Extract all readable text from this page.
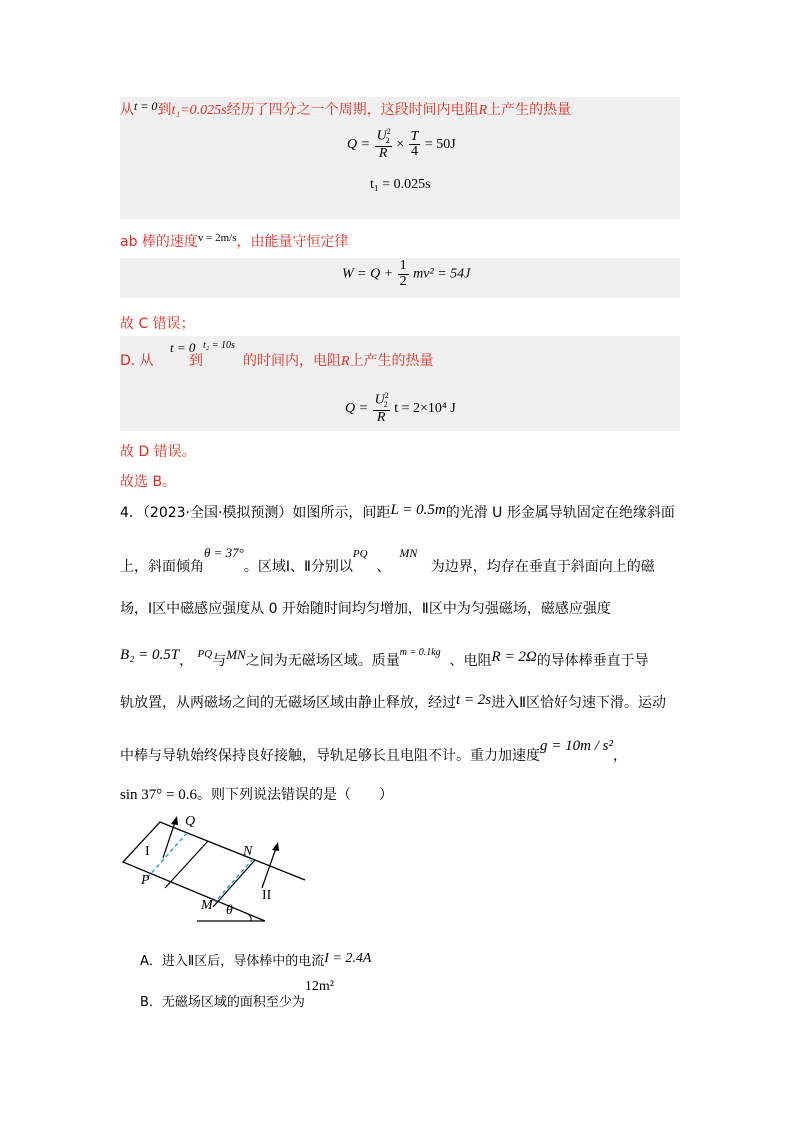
从t = 0到t₁=0.025s经历了四分之一个周期，这段时间内电阻R上产生的热量
$Q = \frac{U^2_2}{R} \times \frac{T}{4} = 50J$
t₁ = 0.025s
ab 棒的速度$^{v = 2m/s}$，由能量守恒定律
$W = Q + \frac{1}{2} mv^2 = 54J$
故 C 错误；
D. 从
t = 0
到
t₂ = 10s
的时间内，电阻R上产生的热量
$Q = \frac{U^2_2}{R}$ t = 2×10⁴ J
故 D 错误。
故选 B。
4．（2023·全国·模拟预测）如图所示，间距L = 0.5m的光滑 U 形金属导轨固定在绝缘斜面
上，斜面倾角θ = 37°。区域Ⅰ、Ⅱ分别以$^{PQ}$  、  MN   为边界，均存在垂直于斜面向上的磁
场，Ⅰ区中磁感应强度从 0 开始随时间均匀增加，Ⅱ区中为匀强磁场，磁感应强度
B₂ = 0.5T， $^{PQ}$与MN之间为无磁场区域。质量$^{m = 0.1kg}$  、电阻R = 2Ω的导体棒垂直于导
轨放置，从两磁场之间的无磁场区域由静止释放，经过t = 2s进入Ⅱ区恰好匀速下滑。运动
中棒与导轨始终保持良好接触，导轨足够长且电阻不计。重力加速度g = 10m / s²，
sin 37° = 0.6。则下列说法错误的是（　　）
Q
N
P
M θ
I
II
A．进入Ⅱ区后，导体棒中的电流I = 2.4A
B．无磁场区域的面积至少为12m²
